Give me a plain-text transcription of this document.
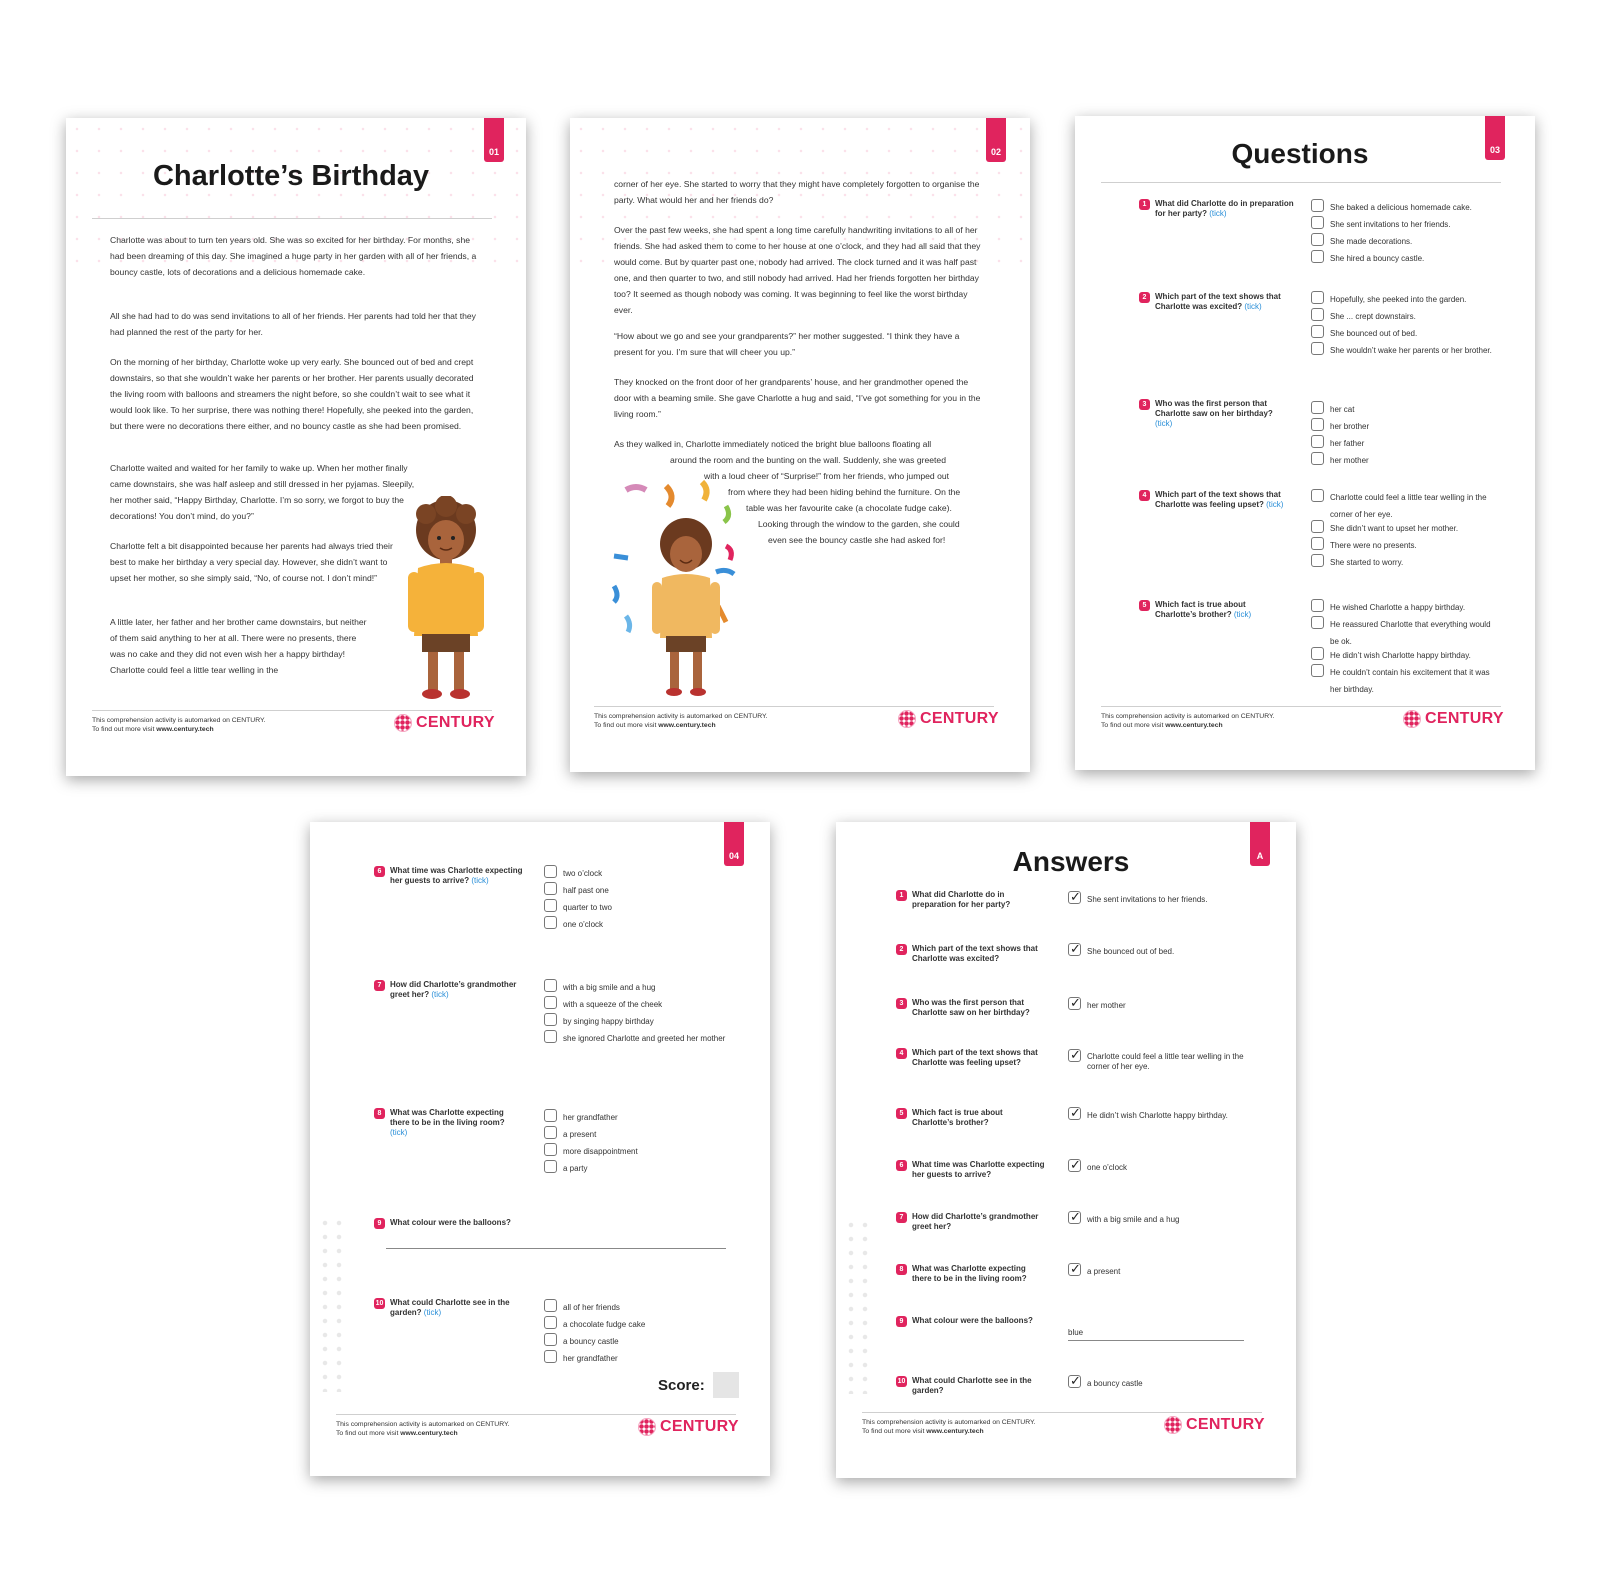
01
Charlotte’s Birthday

Charlotte was about to turn ten years old. She was so excited for her birthday. For months, she had been dreaming of this day. She imagined a huge party in her garden with all of her friends, a bouncy castle, lots of decorations and a delicious homemade cake.

All she had had to do was send invitations to all of her friends. Her parents had told her that they had planned the rest of the party for her.

On the morning of her birthday, Charlotte woke up very early. She bounced out of bed and crept downstairs, so that she wouldn’t wake her parents or her brother. Her parents usually decorated the living room with balloons and streamers the night before, so she couldn’t wait to see what it would look like. To her surprise, there was nothing there! Hopefully, she peeked into the garden, but there were no decorations there either, and no bouncy castle as she had been promised.

Charlotte waited and waited for her family to wake up. When her mother finally came downstairs, she was half asleep and still dressed in her pyjamas. Sleepily, her mother said, “Happy Birthday, Charlotte. I’m so sorry, we forgot to buy the decorations! You don’t mind, do you?”

Charlotte felt a bit disappointed because her parents had always tried their best to make her birthday a very special day. However, she didn’t want to upset her mother, so she simply said, “No, of course not. I don’t mind!”

A little later, her father and her brother came downstairs, but neither of them said anything to her at all. There were no presents, there was no cake and they did not even wish her a happy birthday! Charlotte could feel a little tear welling in the

This comprehension activity is automarked on CENTURY.
To find out more visit www.century.tech	CENTURY
02

corner of her eye. She started to worry that they might have completely forgotten to organise the party. What would her and her friends do?

Over the past few weeks, she had spent a long time carefully handwriting invitations to all of her friends. She had asked them to come to her house at one o’clock, and they had all said that they would come. But by quarter past one, nobody had arrived. The clock turned and it was half past one, and then quarter to two, and still nobody had arrived. Had her friends forgotten her birthday too? It seemed as though nobody was coming. It was beginning to feel like the worst birthday ever.

“How about we go and see your grandparents?” her mother suggested. “I think they have a present for you. I’m sure that will cheer you up.”

They knocked on the front door of her grandparents’ house, and her grandmother opened the door with a beaming smile. She gave Charlotte a hug and said, “I’ve got something for you in the living room.”

As they walked in, Charlotte immediately noticed the bright blue balloons floating all

around the room and the bunting on the wall. Suddenly, she was greeted

with a loud cheer of “Surprise!” from her friends, who jumped out

from where they had been hiding behind the furniture. On the

table was her favourite cake (a chocolate fudge cake).

Looking through the window to the garden, she could

even see the bouncy castle she had asked for!

This comprehension activity is automarked on CENTURY.
To find out more visit www.century.tech	CENTURY
03
Questions
1	What did Charlotte do in preparation for her party? (tick)
She baked a delicious homemade cake.
She sent invitations to her friends.
She made decorations.
She hired a bouncy castle.
2	Which part of the text shows that Charlotte was excited? (tick)
Hopefully, she peeked into the garden.
She ... crept downstairs.
She bounced out of bed.
She wouldn’t wake her parents or her brother.
3	Who was the first person that Charlotte saw on her birthday? (tick)
her cat
her brother
her father
her mother
4	Which part of the text shows that Charlotte was feeling upset? (tick)
Charlotte could feel a little tear welling in the corner of her eye.
She didn’t want to upset her mother.
There were no presents.
She started to worry.
5	Which fact is true about Charlotte’s brother? (tick)
He wished Charlotte a happy birthday.
He reassured Charlotte that everything would be ok.
He didn’t wish Charlotte happy birthday.
He couldn’t contain his excitement that it was her birthday.
This comprehension activity is automarked on CENTURY.
To find out more visit www.century.tech	CENTURY
04
6	What time was Charlotte expecting her guests to arrive? (tick)
two o’clock
half past one
quarter to two
one o’clock
7	How did Charlotte’s grandmother greet her? (tick)
with a big smile and a hug
with a squeeze of the cheek
by singing happy birthday
she ignored Charlotte and greeted her mother
8	What was Charlotte expecting there to be in the living room? (tick)
her grandfather
a present
more disappointment
a party
9	What colour were the balloons?
10 What could Charlotte see in the garden? (tick)
all of her friends
a chocolate fudge cake
a bouncy castle
her grandfather
Score:
This comprehension activity is automarked on CENTURY.
To find out more visit www.century.tech	CENTURY
A
Answers
1	What did Charlotte do in preparation for her party?
✓
She sent invitations to her friends.
2	Which part of the text shows that Charlotte was excited?
✓
She bounced out of bed.
3	Who was the first person that Charlotte saw on her birthday?
✓
her mother
4	Which part of the text shows that Charlotte was feeling upset?
✓
Charlotte could feel a little tear welling in the corner of her eye.
5	Which fact is true about Charlotte’s brother?
✓
He didn’t wish Charlotte happy birthday.
6	What time was Charlotte expecting her guests to arrive?
✓
one o’clock
7	How did Charlotte’s grandmother greet her?
✓
with a big smile and a hug
8	What was Charlotte expecting there to be in the living room?
✓
a present
9	What colour were the balloons?
blue
10 What could Charlotte see in the garden?
✓
a bouncy castle
This comprehension activity is automarked on CENTURY.
To find out more visit www.century.tech	CENTURY
